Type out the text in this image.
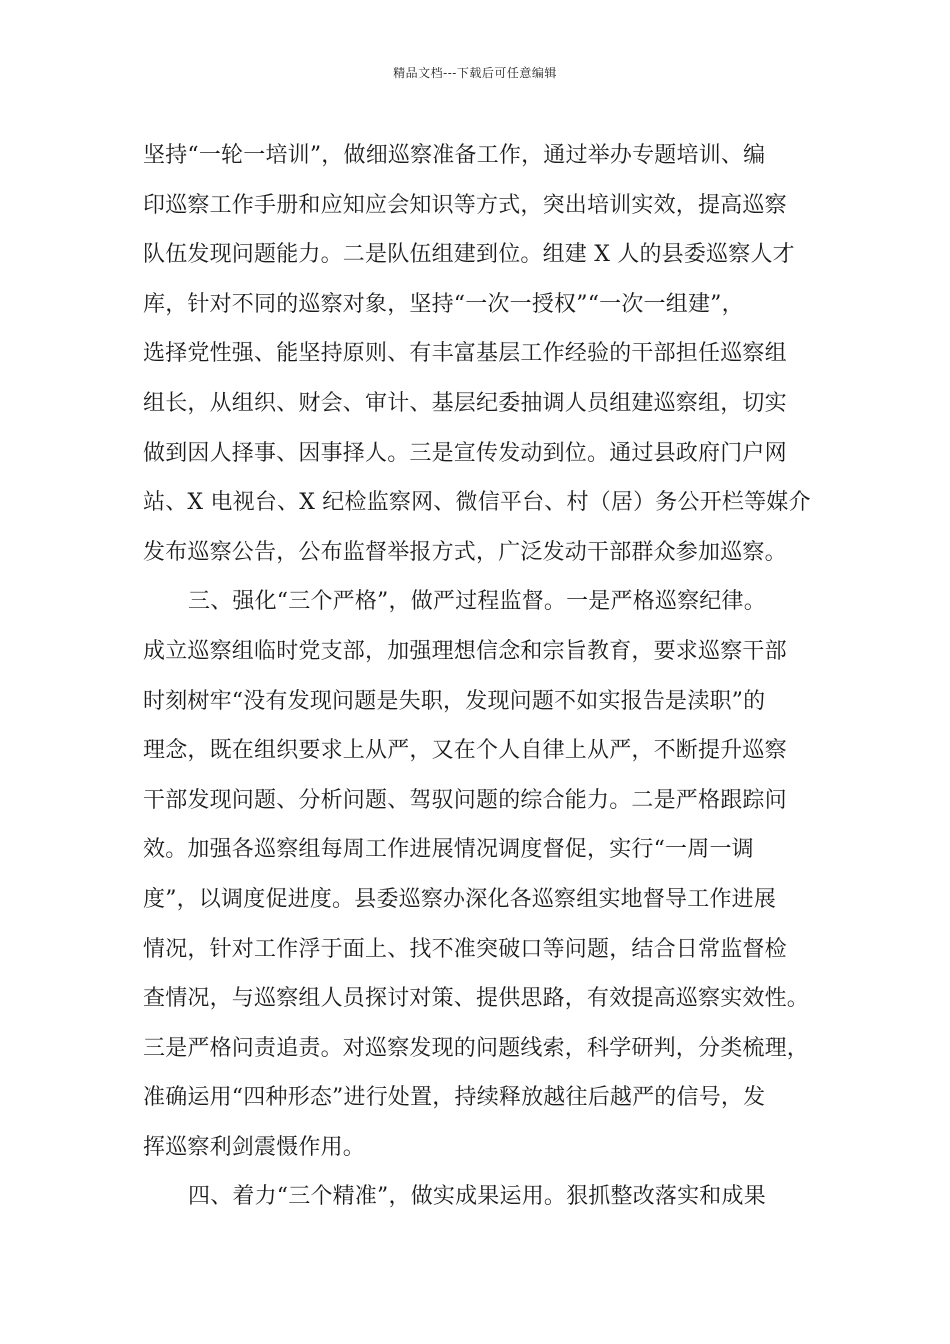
精品文档---下载后可任意编辑
坚持“一轮一培训”，做细巡察准备工作，通过举办专题培训、编
印巡察工作手册和应知应会知识等方式，突出培训实效，提高巡察
队伍发现问题能力。二是队伍组建到位。组建 X 人的县委巡察人才
库，针对不同的巡察对象，坚持“一次一授权”“一次一组建”，
选择党性强、能坚持原则、有丰富基层工作经验的干部担任巡察组
组长，从组织、财会、审计、基层纪委抽调人员组建巡察组，切实
做到因人择事、因事择人。三是宣传发动到位。通过县政府门户网
站、X 电视台、X 纪检监察网、微信平台、村（居）务公开栏等媒介
发布巡察公告，公布监督举报方式，广泛发动干部群众参加巡察。
三、强化“三个严格”，做严过程监督。一是严格巡察纪律。
成立巡察组临时党支部，加强理想信念和宗旨教育，要求巡察干部
时刻树牢“没有发现问题是失职，发现问题不如实报告是渎职”的
理念，既在组织要求上从严，又在个人自律上从严，不断提升巡察
干部发现问题、分析问题、驾驭问题的综合能力。二是严格跟踪问
效。加强各巡察组每周工作进展情况调度督促，实行“一周一调
度”，以调度促进度。县委巡察办深化各巡察组实地督导工作进展
情况，针对工作浮于面上、找不准突破口等问题，结合日常监督检
查情况，与巡察组人员探讨对策、提供思路，有效提高巡察实效性。
三是严格问责追责。对巡察发现的问题线索，科学研判，分类梳理，
准确运用“四种形态”进行处置，持续释放越往后越严的信号，发
挥巡察利剑震慑作用。
四、着力“三个精准”，做实成果运用。狠抓整改落实和成果
